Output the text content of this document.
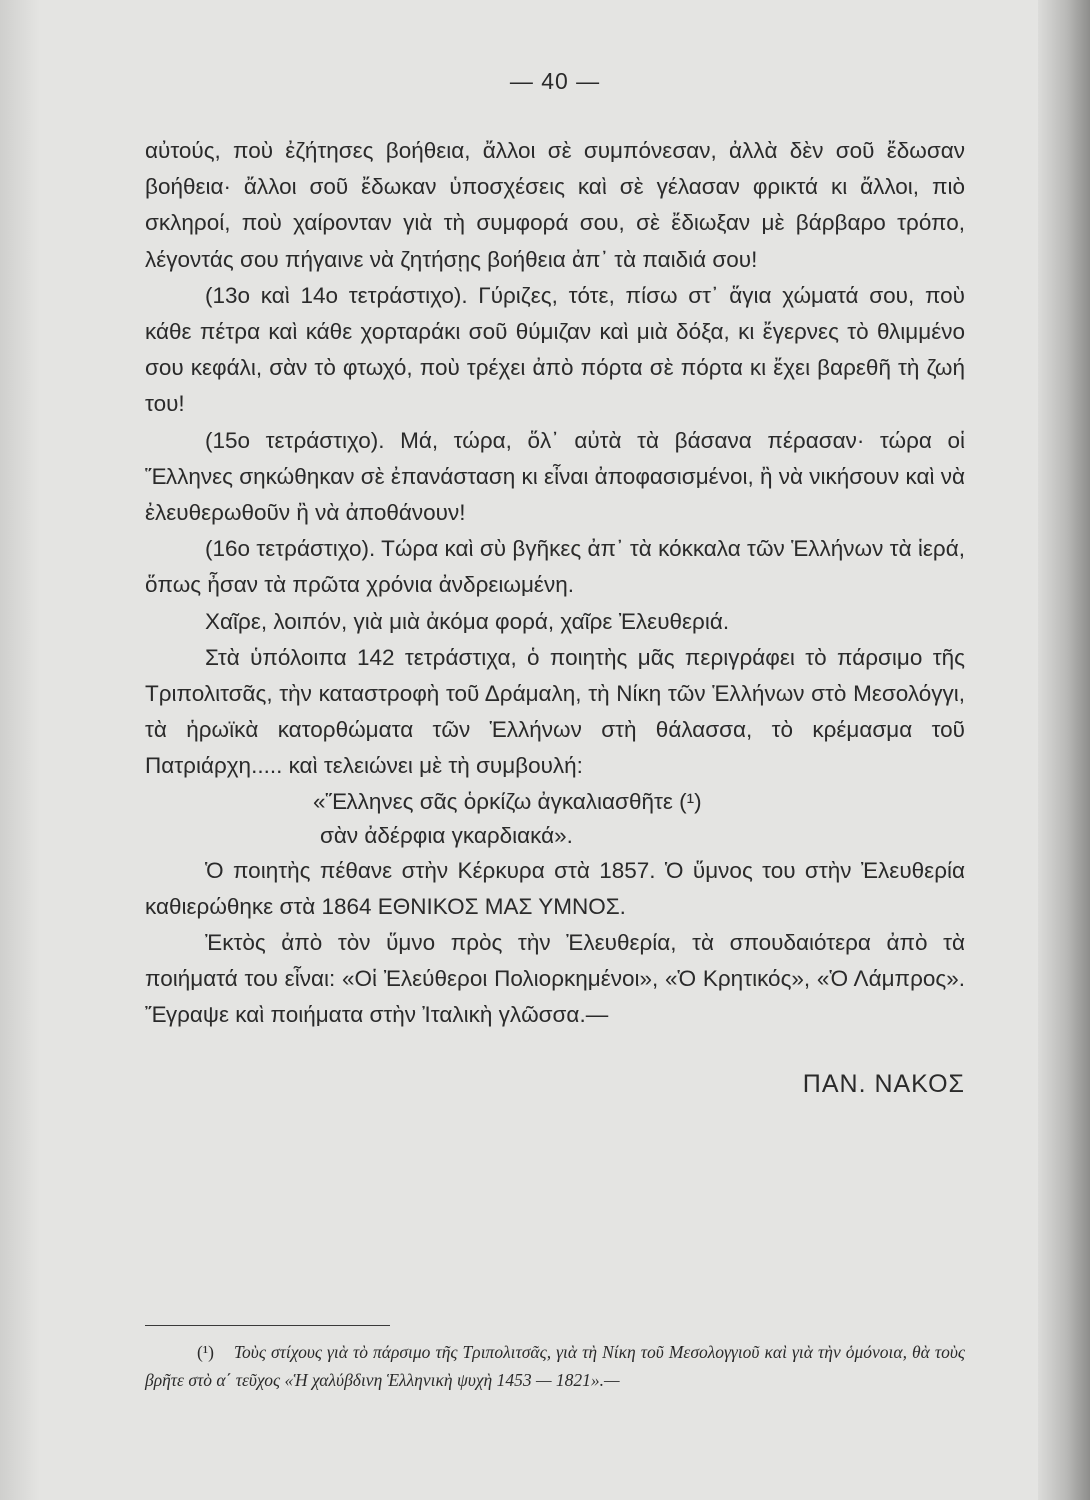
— 40 —

αὐτούς, ποὺ ἐζήτησες βοήθεια, ἄλλοι σὲ συμπόνεσαν, ἀλλὰ δὲν σοῦ ἔδωσαν βοήθεια· ἄλλοι σοῦ ἔδωκαν ὑποσχέσεις καὶ σὲ γέλασαν φρικτά κι ἄλλοι, πιὸ σκληροί, ποὺ χαίρονταν γιὰ τὴ συμφορά σου, σὲ ἔδιωξαν μὲ βάρβαρο τρόπο, λέγοντάς σου πήγαινε νὰ ζητήσῃς βοήθεια ἀπ᾽ τὰ παιδιά σου!

(13ο καὶ 14ο τετράστιχο). Γύριζες, τότε, πίσω στ᾽ ἅγια χώματά σου, ποὺ κάθε πέτρα καὶ κάθε χορταράκι σοῦ θύμιζαν καὶ μιὰ δόξα, κι ἔγερνες τὸ θλιμμένο σου κεφάλι, σὰν τὸ φτωχό, ποὺ τρέχει ἀπὸ πόρτα σὲ πόρτα κι ἔχει βαρεθῆ τὴ ζωή του!

(15ο τετράστιχο). Μά, τώρα, ὅλ᾽ αὐτὰ τὰ βάσανα πέρασαν· τώρα οἱ Ἕλληνες σηκώθηκαν σὲ ἐπανάσταση κι εἶναι ἀποφασισμένοι, ἢ νὰ νικήσουν καὶ νὰ ἐλευθερωθοῦν ἢ νὰ ἀποθάνουν!

(16ο τετράστιχο). Τώρα καὶ σὺ βγῆκες ἀπ᾽ τὰ κόκκαλα τῶν Ἑλλήνων τὰ ἱερά, ὅπως ἦσαν τὰ πρῶτα χρόνια ἀνδρειωμένη.

Χαῖρε, λοιπόν, γιὰ μιὰ ἀκόμα φορά, χαῖρε Ἐλευθεριά.

Στὰ ὑπόλοιπα 142 τετράστιχα, ὁ ποιητὴς μᾶς περιγράφει τὸ πάρσιμο τῆς Τριπολιτσᾶς, τὴν καταστροφὴ τοῦ Δράμαλη, τὴ Νίκη τῶν Ἑλλήνων στὸ Μεσολόγγι, τὰ ἡρωϊκὰ κατορθώματα τῶν Ἑλλήνων στὴ θάλασσα, τὸ κρέμασμα τοῦ Πατριάρχη..... καὶ τελειώνει μὲ τὴ συμβουλή:

«Ἕλληνες σᾶς ὁρκίζω ἀγκαλιασθῆτε (¹)

σὰν ἀδέρφια γκαρδιακά».

Ὁ ποιητὴς πέθανε στὴν Κέρκυρα στὰ 1857. Ὁ ὕμνος του στὴν Ἐλευθερία καθιερώθηκε στὰ 1864 ΕΘΝΙΚΟΣ ΜΑΣ ΥΜΝΟΣ.

Ἐκτὸς ἀπὸ τὸν ὕμνο πρὸς τὴν Ἐλευθερία, τὰ σπουδαιότερα ἀπὸ τὰ ποιήματά του εἶναι: «Οἱ Ἐλεύθεροι Πολιορκημένοι», «Ὁ Κρητικός», «Ὁ Λάμπρος». Ἔγραψε καὶ ποιήματα στὴν Ἰταλικὴ γλῶσσα.—

ΠΑΝ. ΝΑΚΟΣ

(¹) Τοὺς στίχους γιὰ τὸ πάρσιμο τῆς Τριπολιτσᾶς, γιὰ τὴ Νίκη τοῦ Μεσολογγιοῦ καὶ γιὰ τὴν ὁμόνοια, θὰ τοὺς βρῆτε στὸ α΄ τεῦχος «Ἡ χαλύβδινη Ἑλληνικὴ ψυχὴ 1453 — 1821».—
